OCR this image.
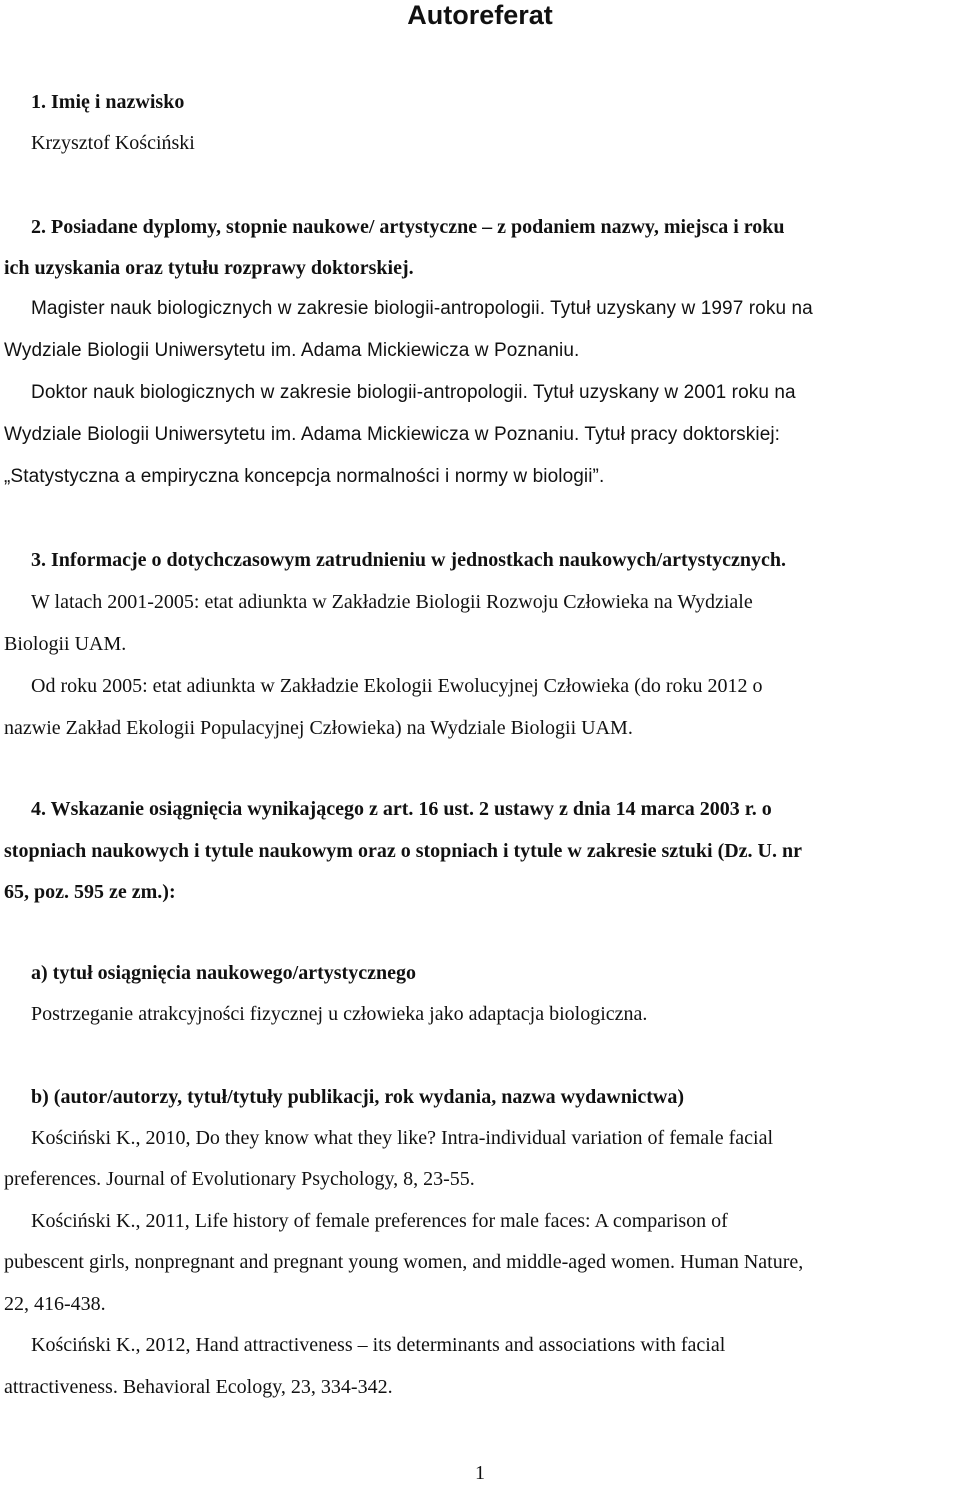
Autoreferat
1. Imię i nazwisko
Krzysztof Kościński
2. Posiadane dyplomy, stopnie naukowe/ artystyczne – z podaniem nazwy, miejsca i roku
ich uzyskania oraz tytułu rozprawy doktorskiej.
Magister nauk biologicznych w zakresie biologii-antropologii. Tytuł uzyskany w 1997 roku na
Wydziale Biologii Uniwersytetu im. Adama Mickiewicza w Poznaniu.
Doktor nauk biologicznych w zakresie biologii-antropologii. Tytuł uzyskany w 2001 roku na
Wydziale Biologii Uniwersytetu im. Adama Mickiewicza w Poznaniu. Tytuł pracy doktorskiej:
„Statystyczna a empiryczna koncepcja normalności i normy w biologii”.
3. Informacje o dotychczasowym zatrudnieniu w jednostkach naukowych/artystycznych.
W latach 2001-2005: etat adiunkta w Zakładzie Biologii Rozwoju Człowieka na Wydziale
Biologii UAM.
Od roku 2005: etat adiunkta w Zakładzie Ekologii Ewolucyjnej Człowieka (do roku 2012 o
nazwie Zakład Ekologii Populacyjnej Człowieka) na Wydziale Biologii UAM.
4. Wskazanie osiągnięcia wynikającego z art. 16 ust. 2 ustawy z dnia 14 marca 2003 r. o
stopniach naukowych i tytule naukowym oraz o stopniach i tytule w zakresie sztuki (Dz. U. nr
65, poz. 595 ze zm.):
a) tytuł osiągnięcia naukowego/artystycznego
Postrzeganie atrakcyjności fizycznej u człowieka jako adaptacja biologiczna.
b) (autor/autorzy, tytuł/tytuły publikacji, rok wydania, nazwa wydawnictwa)
Kościński K., 2010, Do they know what they like? Intra-individual variation of female facial
preferences. Journal of Evolutionary Psychology, 8, 23-55.
Kościński K., 2011, Life history of female preferences for male faces: A comparison of
pubescent girls, nonpregnant and pregnant young women, and middle-aged women. Human Nature,
22, 416-438.
Kościński K., 2012, Hand attractiveness – its determinants and associations with facial
attractiveness. Behavioral Ecology, 23, 334-342.
1
